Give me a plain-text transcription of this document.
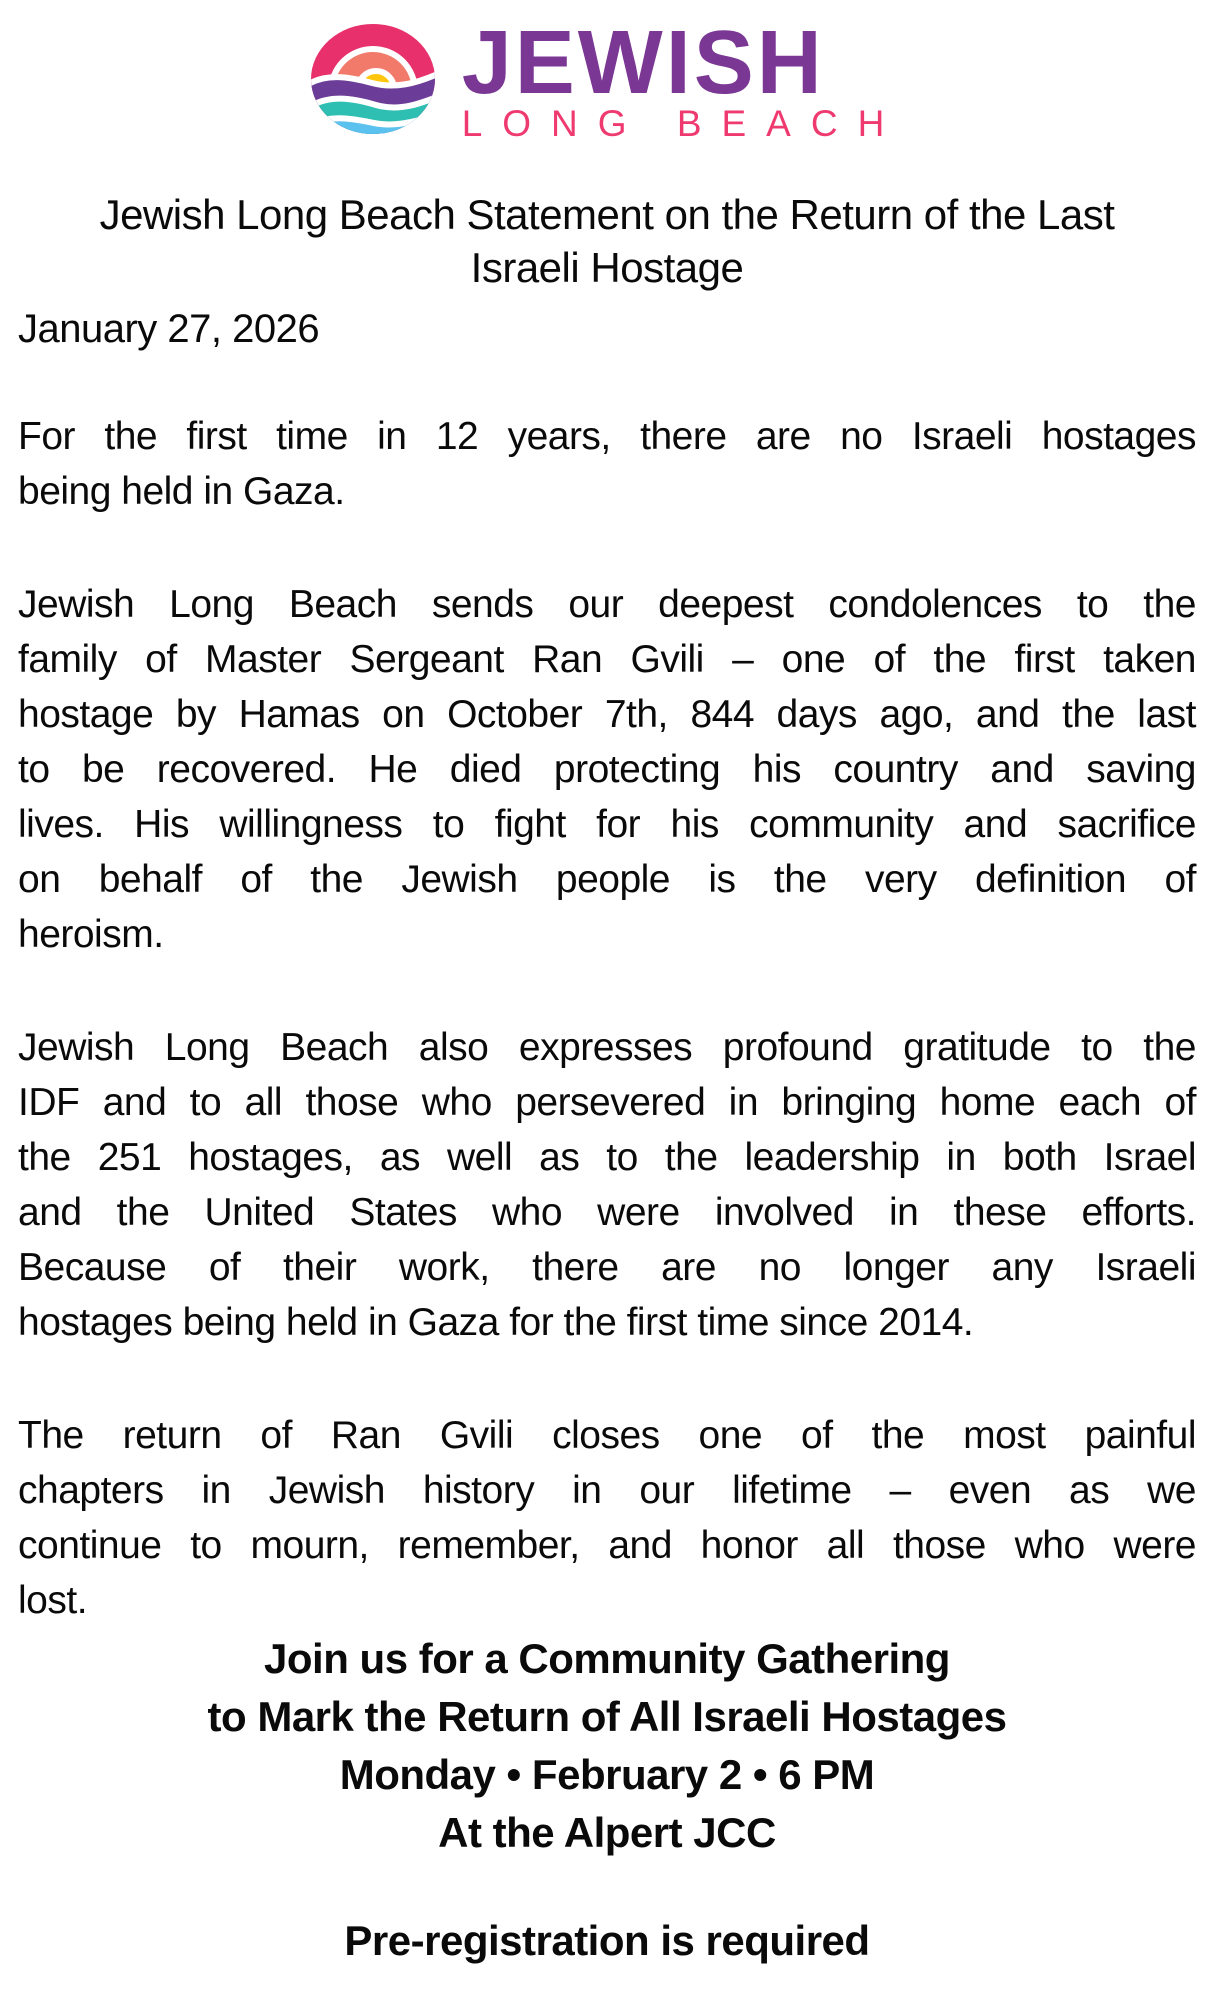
JEWISH
LONG BEACH
Jewish Long Beach Statement on the Return of the Last
Israeli Hostage
January 27, 2026

For the first time in 12 years, there are no Israeli hostages
being held in Gaza.

Jewish Long Beach sends our deepest condolences to the
family of Master Sergeant Ran Gvili – one of the first taken
hostage by Hamas on October 7th, 844 days ago, and the last
to be recovered. He died protecting his country and saving
lives. His willingness to fight for his community and sacrifice
on behalf of the Jewish people is the very definition of
heroism.

Jewish Long Beach also expresses profound gratitude to the
IDF and to all those who persevered in bringing home each of
the 251 hostages, as well as to the leadership in both Israel
and the United States who were involved in these efforts.
Because of their work, there are no longer any Israeli
hostages being held in Gaza for the first time since 2014.

The return of Ran Gvili closes one of the most painful
chapters in Jewish history in our lifetime – even as we
continue to mourn, remember, and honor all those who were
lost.

Join us for a Community Gathering
to Mark the Return of All Israeli Hostages
Monday • February 2 • 6 PM
At the Alpert JCC
Pre-registration is required
